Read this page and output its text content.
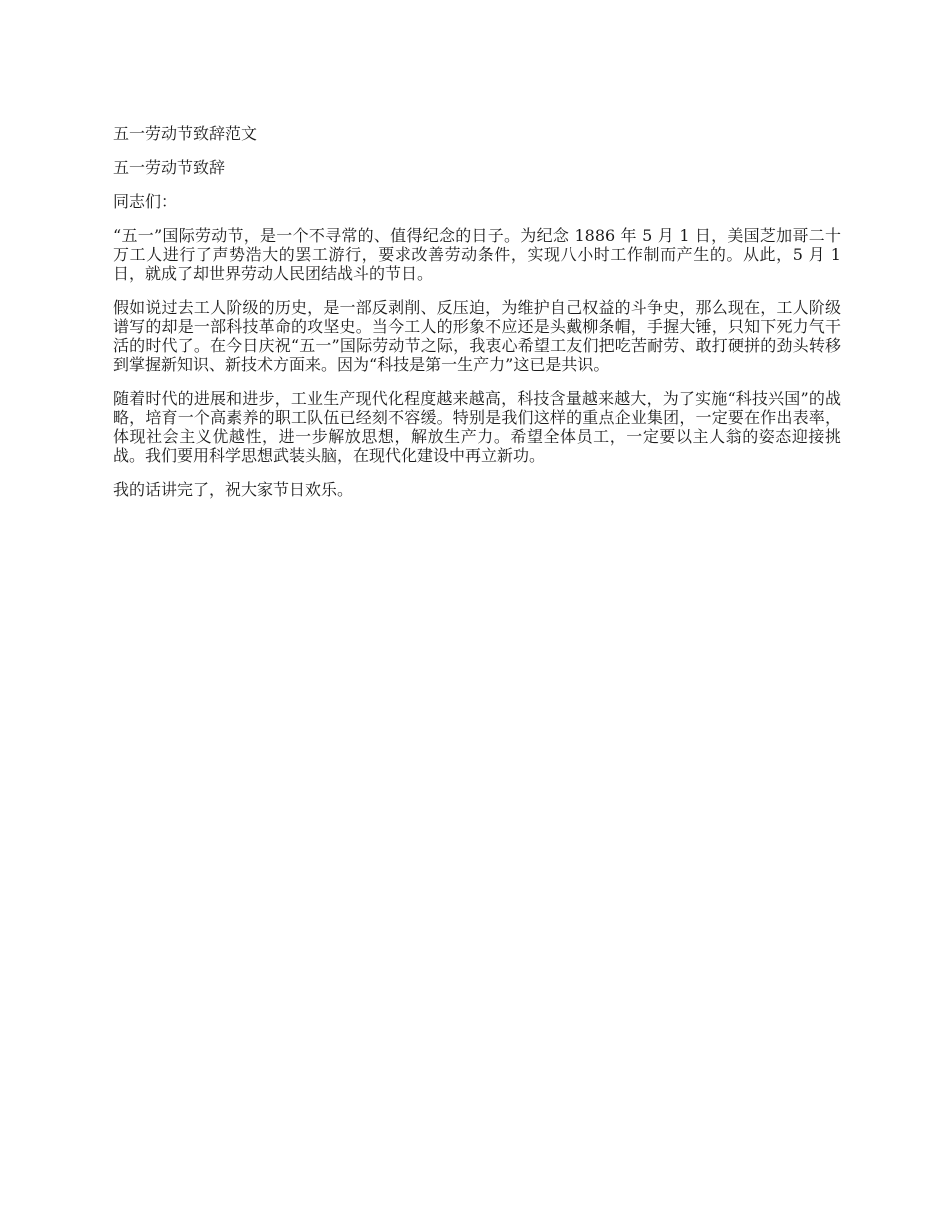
五一劳动节致辞范文

五一劳动节致辞

同志们：

“五一”国际劳动节，是一个不寻常的、值得纪念的日子。为纪念 1886 年 5 月 1 日，美国芝加哥二十万工人进行了声势浩大的罢工游行，要求改善劳动条件，实现八小时工作制而产生的。从此，5 月 1 日，就成了却世界劳动人民团结战斗的节日。

假如说过去工人阶级的历史，是一部反剥削、反压迫，为维护自己权益的斗争史，那么现在，工人阶级谱写的却是一部科技革命的攻坚史。当今工人的形象不应还是头戴柳条帽，手握大锤，只知下死力气干活的时代了。在今日庆祝“五一”国际劳动节之际，我衷心希望工友们把吃苦耐劳、敢打硬拼的劲头转移到掌握新知识、新技术方面来。因为“科技是第一生产力”这已是共识。

随着时代的进展和进步，工业生产现代化程度越来越高，科技含量越来越大，为了实施“科技兴国”的战略，培育一个高素养的职工队伍已经刻不容缓。特别是我们这样的重点企业集团，一定要在作出表率，体现社会主义优越性，进一步解放思想，解放生产力。希望全体员工，一定要以主人翁的姿态迎接挑战。我们要用科学思想武装头脑，在现代化建设中再立新功。

我的话讲完了，祝大家节日欢乐。
